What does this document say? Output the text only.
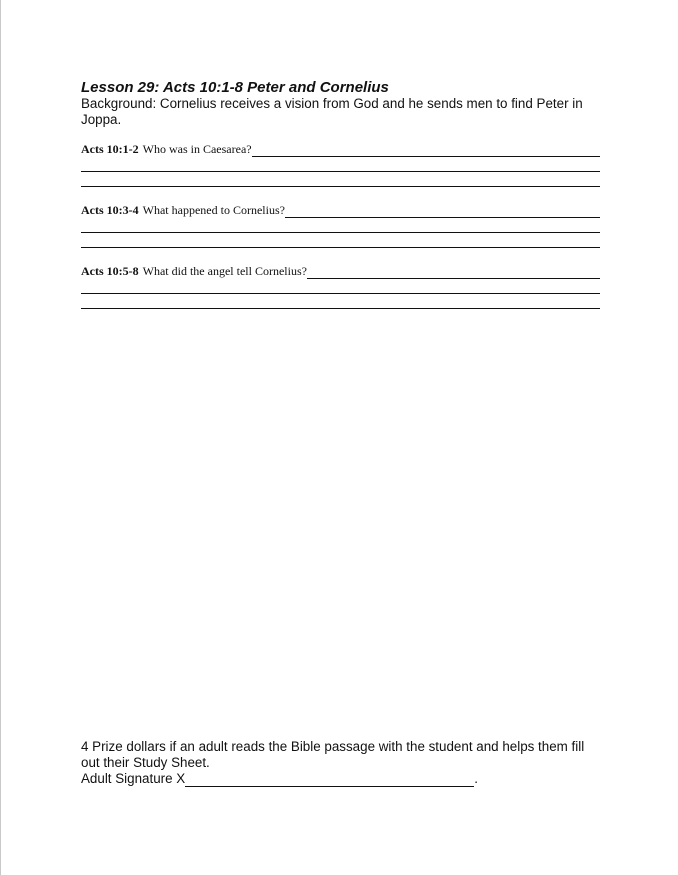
Lesson 29: Acts 10:1-8 Peter and Cornelius
Background: Cornelius receives a vision from God and he sends men to find Peter in Joppa.
Acts 10:1-2 Who was in Caesarea?
Acts 10:3-4 What happened to Cornelius?
Acts 10:5-8 What did the angel tell Cornelius?
4 Prize dollars if an adult reads the Bible passage with the student and helps them fill out their Study Sheet.
Adult Signature X	.
